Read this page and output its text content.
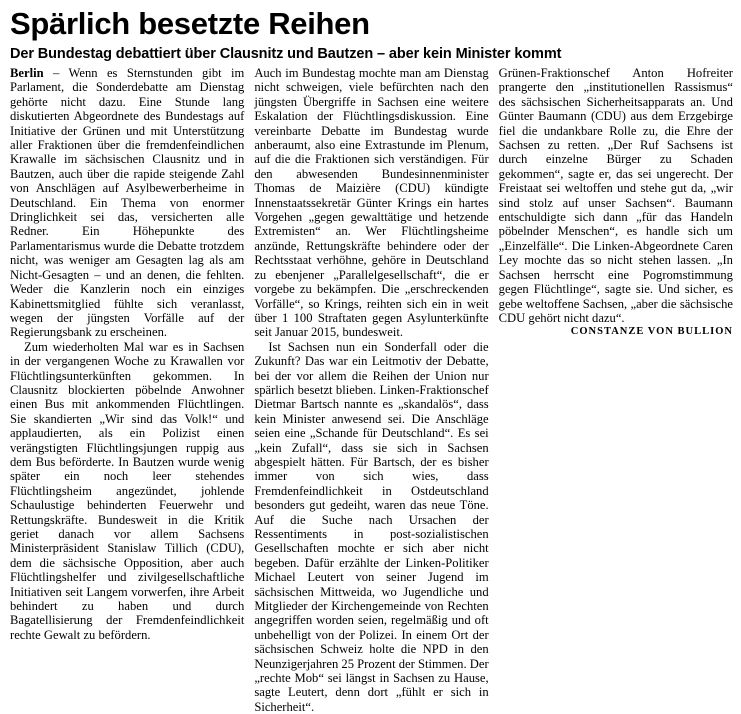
Spärlich besetzte Reihen
Der Bundestag debattiert über Clausnitz und Bautzen – aber kein Minister kommt

Berlin – Wenn es Sternstunden gibt im Parlament, die Sonderdebatte am Dienstag gehörte nicht dazu. Eine Stunde lang diskutierten Abgeordnete des Bundestags auf Initiative der Grünen und mit Unterstützung aller Fraktionen über die fremdenfeindlichen Krawalle im sächsischen Clausnitz und in Bautzen, auch über die rapide steigende Zahl von Anschlägen auf Asylbewerberheime in Deutschland. Ein Thema von enormer Dringlichkeit sei das, versicherten alle Redner. Ein Höhepunkte des Parlamentarismus wurde die Debatte trotzdem nicht, was weniger am Gesagten lag als am Nicht-Gesagten – und an denen, die fehlten. Weder die Kanzlerin noch ein einziges Kabinettsmitglied fühlte sich veranlasst, wegen der jüngsten Vorfälle auf der Regierungsbank zu erscheinen.

Zum wiederholten Mal war es in Sachsen in der vergangenen Woche zu Krawallen vor Flüchtlingsunterkünften gekommen. In Clausnitz blockierten pöbelnde Anwohner einen Bus mit ankommenden Flüchtlingen. Sie skandierten „Wir sind das Volk!“ und applaudierten, als ein Polizist einen verängstigten Flüchtlingsjungen ruppig aus dem Bus beförderte. In Bautzen wurde wenig später ein noch leer stehendes Flüchtlingsheim angezündet, johlende Schaulustige behinderten Feuerwehr und Rettungskräfte. Bundesweit in die Kritik geriet danach vor allem Sachsens Ministerpräsident Stanislaw Tillich (CDU), dem die sächsische Opposition, aber auch Flüchtlingshelfer und zivilgesellschaftliche Initiativen seit Langem vorwerfen, ihre Arbeit behindert zu haben und durch Bagatellisierung der Fremdenfeindlichkeit rechte Gewalt zu befördern.

Auch im Bundestag mochte man am Dienstag nicht schweigen, viele befürchten nach den jüngsten Übergriffe in Sachsen eine weitere Eskalation der Flüchtlingsdiskussion. Eine vereinbarte Debatte im Bundestag wurde anberaumt, also eine Extrastunde im Plenum, auf die die Fraktionen sich verständigen. Für den abwesenden Bundesinnenminister Thomas de Maizière (CDU) kündigte Innenstaatssekretär Günter Krings ein hartes Vorgehen „gegen gewalttätige und hetzende Extremisten“ an. Wer Flüchtlingsheime anzünde, Rettungskräfte behindere oder der Rechtsstaat verhöhne, gehöre in Deutschland zu ebenjener „Parallelgesellschaft“, die er vorgebe zu bekämpfen. Die „erschreckenden Vorfälle“, so Krings, reihten sich ein in weit über 1 100 Straftaten gegen Asylunterkünfte seit Januar 2015, bundesweit.

Ist Sachsen nun ein Sonderfall oder die Zukunft? Das war ein Leitmotiv der Debatte, bei der vor allem die Reihen der Union nur spärlich besetzt blieben. Linken-Fraktionschef Dietmar Bartsch nannte es „skandalös“, dass kein Minister anwesend sei. Die Anschläge seien eine „Schande für Deutschland“. Es sei „kein Zufall“, dass sie sich in Sachsen abgespielt hätten. Für Bartsch, der es bisher immer von sich wies, dass Fremdenfeindlichkeit in Ostdeutschland besonders gut gedeiht, waren das neue Töne. Auf die Suche nach Ursachen der Ressentiments in post-sozialistischen Gesellschaften mochte er sich aber nicht begeben. Dafür erzählte der Linken-Politiker Michael Leutert von seiner Jugend im sächsischen Mittweida, wo Jugendliche und Mitglieder der Kirchengemeinde von Rechten angegriffen worden seien, regelmäßig und oft unbehelligt von der Polizei. In einem Ort der sächsischen Schweiz holte die NPD in den Neunzigerjahren 25 Prozent der Stimmen. Der „rechte Mob“ sei längst in Sachsen zu Hause, sagte Leutert, denn dort „fühlt er sich in Sicherheit“.

Grünen-Fraktionschef Anton Hofreiter prangerte den „institutionellen Rassismus“ des sächsischen Sicherheitsapparats an. Und Günter Baumann (CDU) aus dem Erzgebirge fiel die undankbare Rolle zu, die Ehre der Sachsen zu retten. „Der Ruf Sachsens ist durch einzelne Bürger zu Schaden gekommen“, sagte er, das sei ungerecht. Der Freistaat sei weltoffen und stehe gut da, „wir sind stolz auf unser Sachsen“. Baumann entschuldigte sich dann „für das Handeln pöbelnder Menschen“, es handle sich um „Einzelfälle“. Die Linken-Abgeordnete Caren Ley mochte das so nicht stehen lassen. „In Sachsen herrscht eine Pogromstimmung gegen Flüchtlinge“, sagte sie. Und sicher, es gebe weltoffene Sachsen, „aber die sächsische CDU gehört nicht dazu“.

CONSTANZE VON BULLION
